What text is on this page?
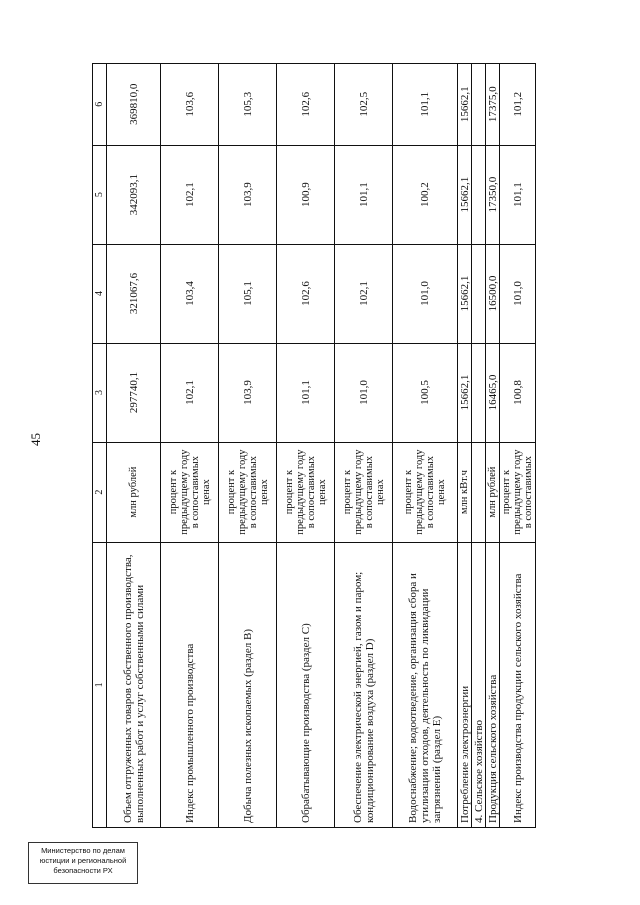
45
Министерство по делам
юстиции и региональной
безопасности РХ
1	2	3	4	5	6
Объем отгруженных товаров собственного производства, выполненных работ и услуг собственными силами	млн рублей	297740,1	321067,6	342093,1	369810,0
Индекс промышленного производства	процент к предыдущему году в сопоставимых ценах	102,1	103,4	102,1	103,6
Добыча полезных ископаемых (раздел B)	процент к предыдущему году в сопоставимых ценах	103,9	105,1	103,9	105,3
Обрабатывающие производства (раздел C)	процент к предыдущему году в сопоставимых ценах	101,1	102,6	100,9	102,6
Обеспечение электрической энергией, газом и паром; кондиционирование воздуха (раздел D)	процент к предыдущему году в сопоставимых ценах	101,0	102,1	101,1	102,5
Водоснабжение; водоотведение, организация сбора и утилизации отходов, деятельность по ликвидации загрязнений (раздел E)	процент к предыдущему году в сопоставимых ценах	100,5	101,0	100,2	101,1
Потребление электроэнергии	млн кВт.ч	15662,1	15662,1	15662,1	15662,1
4. Сельское хозяйство					
Продукция сельского хозяйства	млн рублей	16465,0	16500,0	17350,0	17375,0
Индекс производства продукции сельского хозяйства	процент к предыдущему году в сопоставимых	100,8	101,0	101,1	101,2
